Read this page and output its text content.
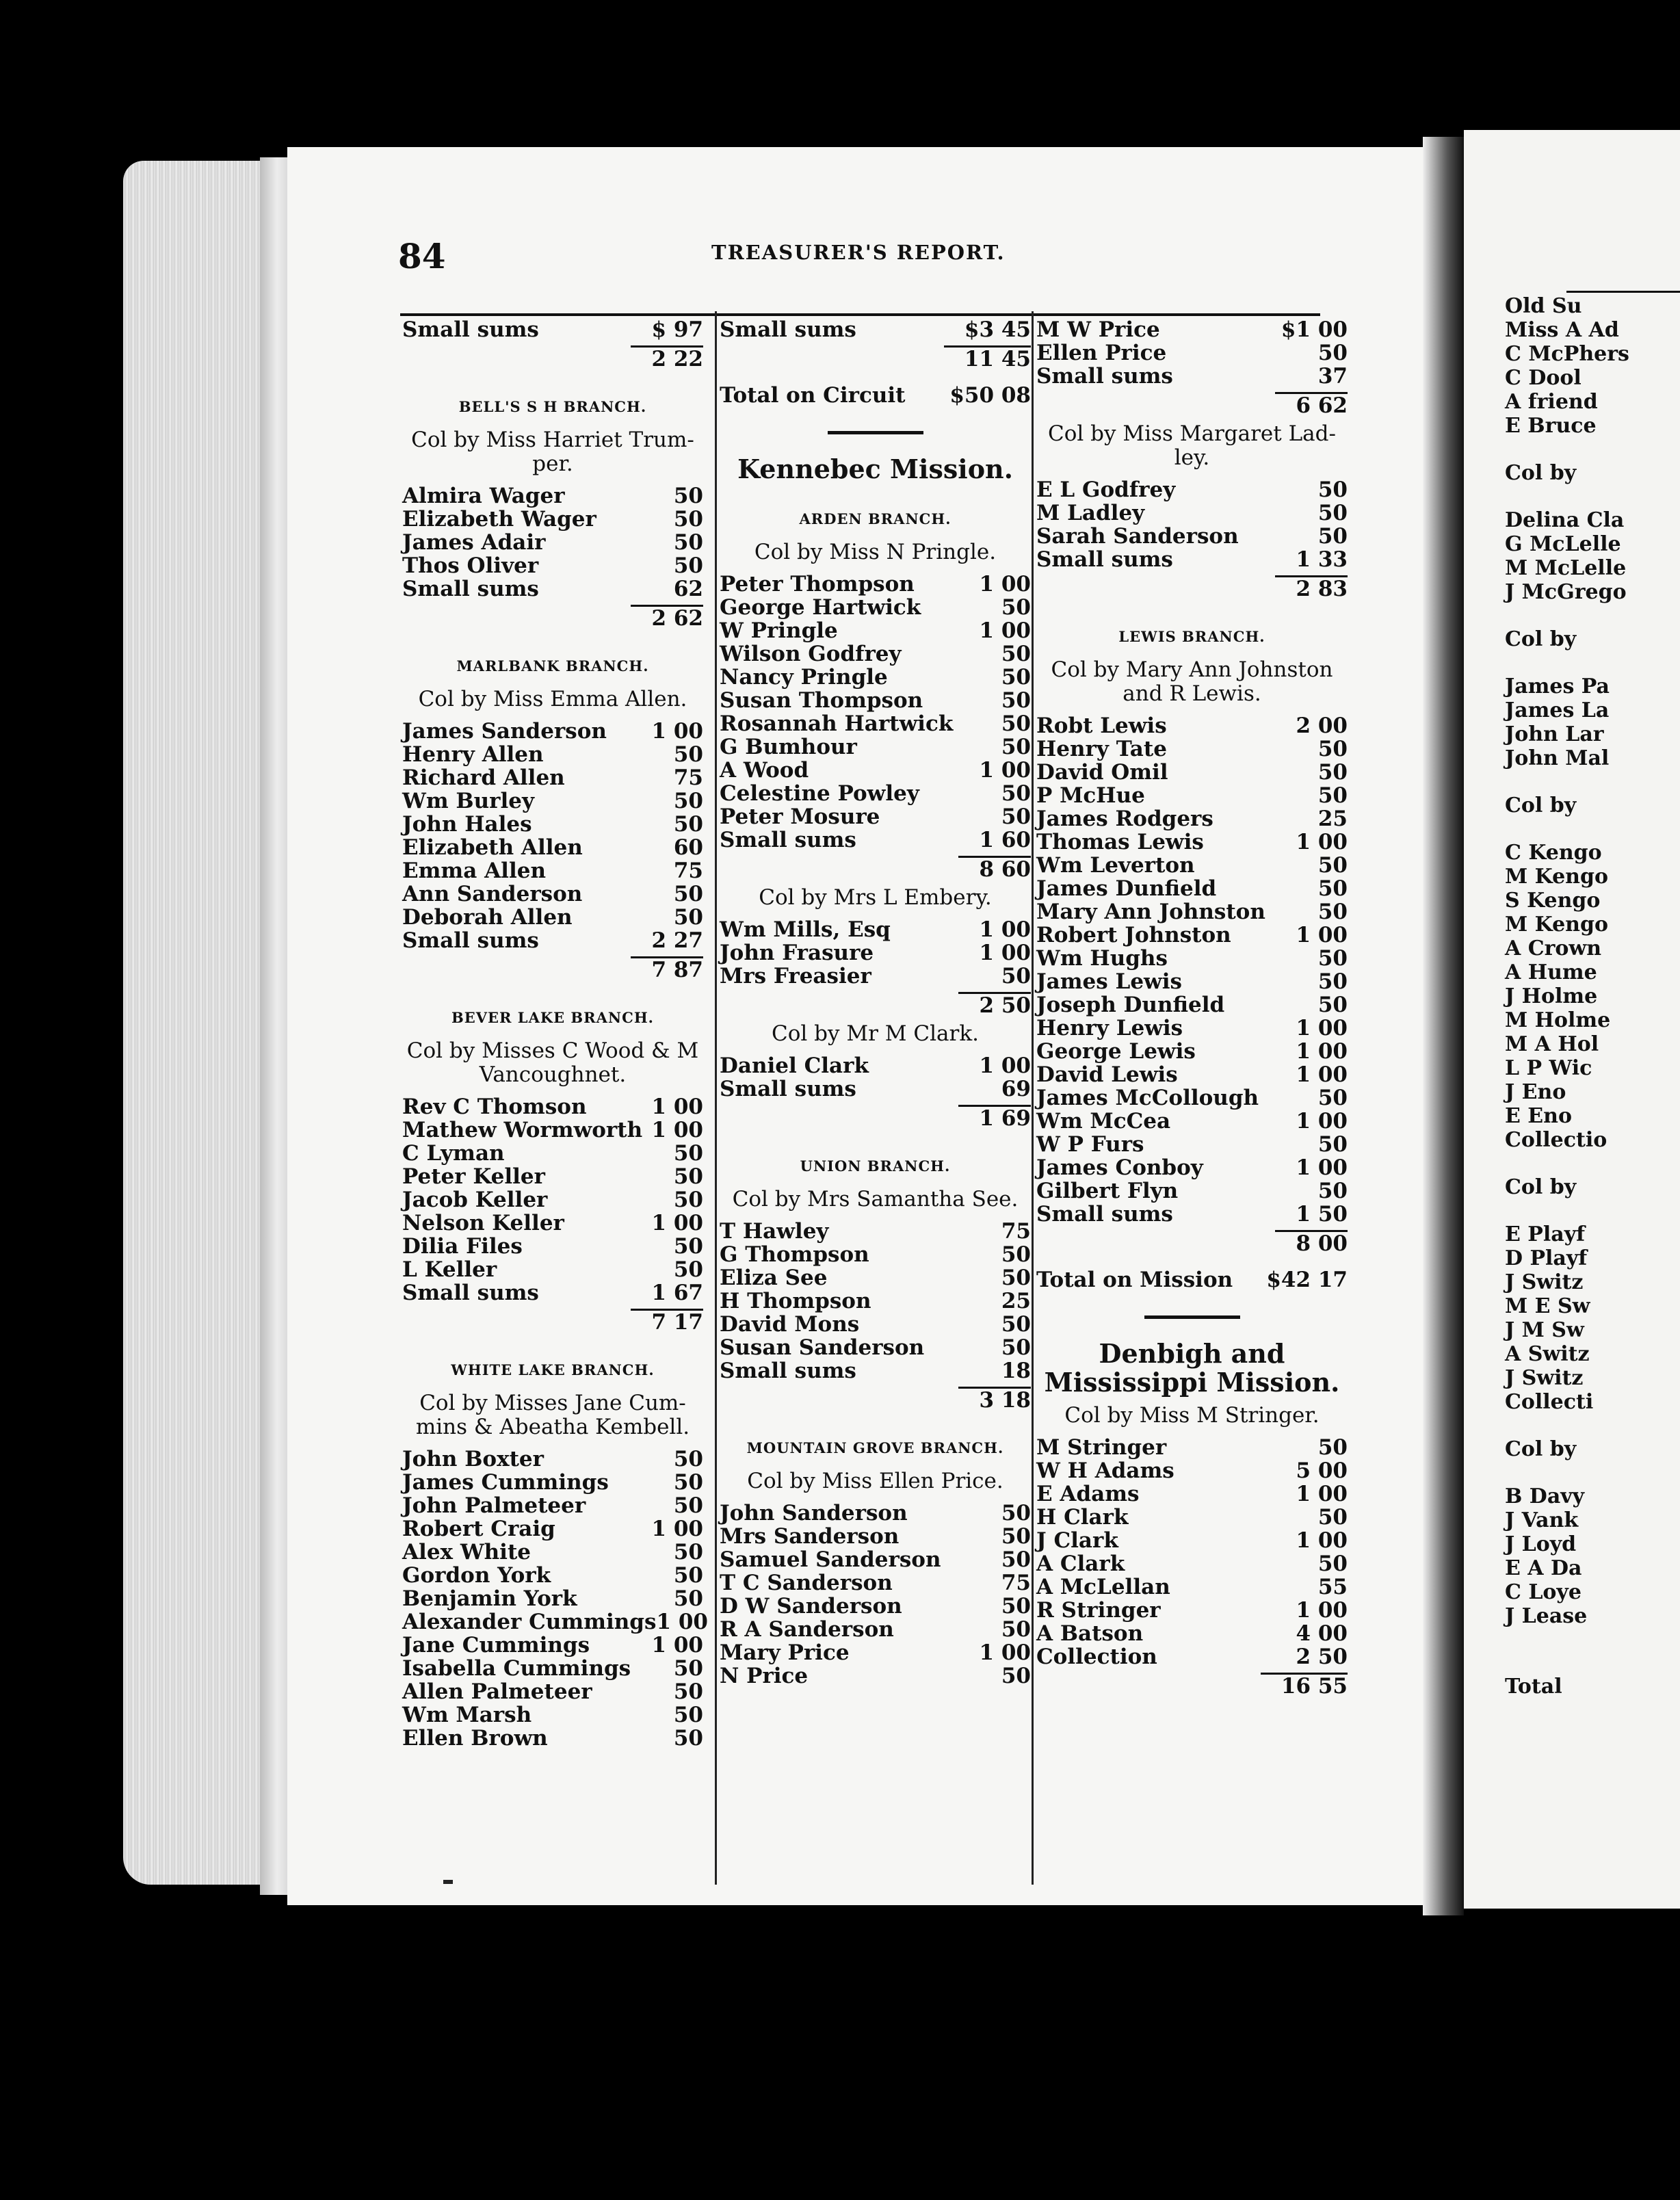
84	TREASURER'S REPORT.
Small sums	$ 97
2 22
BELL'S S H BRANCH.
Col by Miss Harriet Trum-per.
Almira Wager	50
Elizabeth Wager	50
James Adair	50
Thos Oliver	50
Small sums	62
2 62
MARLBANK BRANCH.
Col by Miss Emma Allen.
James Sanderson 1 00
Henry Allen	50
Richard Allen	75
Wm Burley	50
John Hales	50
Elizabeth Allen	60
Emma Allen	75
Ann Sanderson	50
Deborah Allen	50
Small sums	2 27
7 87
BEVER LAKE BRANCH.
Col by Misses C Wood & M Vancoughnet.
Rev C Thomson	1 00
Mathew Wormworth 1 00
C Lyman	50
Peter Keller	50
Jacob Keller	50
Nelson Keller	1 00
Dilia Files	50
L Keller	50
Small sums	1 67
7 17
WHITE LAKE BRANCH.
Col by Misses Jane Cum-mins & Abeatha Kembell.
John Boxter	50
James Cummings	50
John Palmeteer	50
Robert Craig	1 00
Alex White	50
Gordon York	50
Benjamin York	50
Alexander Cummings 1 00
Jane Cummings	1 00
Isabella Cummings 50
Allen Palmeteer	50
Wm Marsh	50
Ellen Brown	50
Small sums	$3 45
11 45
Total on Circuit $50 08
Kennebec Mission.
ARDEN BRANCH.
Col by Miss N Pringle.
Peter Thompson	1 00
George Hartwick	50
W Pringle	1 00
Wilson Godfrey	50
Nancy Pringle	50
Susan Thompson	50
Rosannah Hartwick 50
G Bumhour	50
A Wood	1 00
Celestine Powley	50
Peter Mosure	50
Small sums	1 60
8 60
Col by Mrs L Embery.
Wm Mills, Esq	1 00
John Frasure	1 00
Mrs Freasier	50
2 50
Col by Mr M Clark.
Daniel Clark	1 00
Small sums	69
1 69
UNION BRANCH.
Col by Mrs Samantha See.
T Hawley	75
G Thompson	50
Eliza See	50
H Thompson	25
David Mons	50
Susan Sanderson	50
Small sums	18
3 18
MOUNTAIN GROVE BRANCH.
Col by Miss Ellen Price.
John Sanderson	50
Mrs Sanderson	50
Samuel Sanderson	50
T C Sanderson	75
D W Sanderson	50
R A Sanderson	50
Mary Price	1 00
N Price	50
M W Price	$1 00
Ellen Price	50
Small sums	37
6 62
Col by Miss Margaret Lad-ley.
E L Godfrey	50
M Ladley	50
Sarah Sanderson	50
Small sums	1 33
2 83
LEWIS BRANCH.
Col by Mary Ann Johnston and R Lewis.
Robt Lewis	2 00
Henry Tate	50
David Omil	50
P McHue	50
James Rodgers	25
Thomas Lewis	1 00
Wm Leverton	50
James Dunfield	50
Mary Ann Johnston 50
Robert Johnston	1 00
Wm Hughs	50
James Lewis	50
Joseph Dunfield	50
Henry Lewis	1 00
George Lewis	1 00
David Lewis	1 00
James McCollough	50
Wm McCea	1 00
W P Furs	50
James Conboy	1 00
Gilbert Flyn	50
Small sums	1 50
8 00
Total on Mission $42 17
Denbigh and Mississippi Mission.
Col by Miss M Stringer.
M Stringer	50
W H Adams	5 00
E Adams	1 00
H Clark	50
J Clark	1 00
A Clark	50
A McLellan	55
R Stringer	1 00
A Batson	4 00
Collection	2 50
16 55
Old Su
Miss A Ad
C McPhers
C Dool
A friend
E Bruce
Col by
Delina Cla
G McLelle
M McLelle
J McGrego
Col by
James Pa
James La
John Lar
John Mal
Col by
C Kengo
M Kengo
S Kengo
M Kengo
A Crown
A Hume
J Holme
M Holme
M A Hol
L P Wic
J Eno
E Eno
Collectio
Col by
E Playf
D Playf
J Switz
M E Sw
J M Sw
A Switz
J Switz
Collecti
Col by
B Davy
J Vank
J Loyd
E A Da
C Loye
J Lease
Total
